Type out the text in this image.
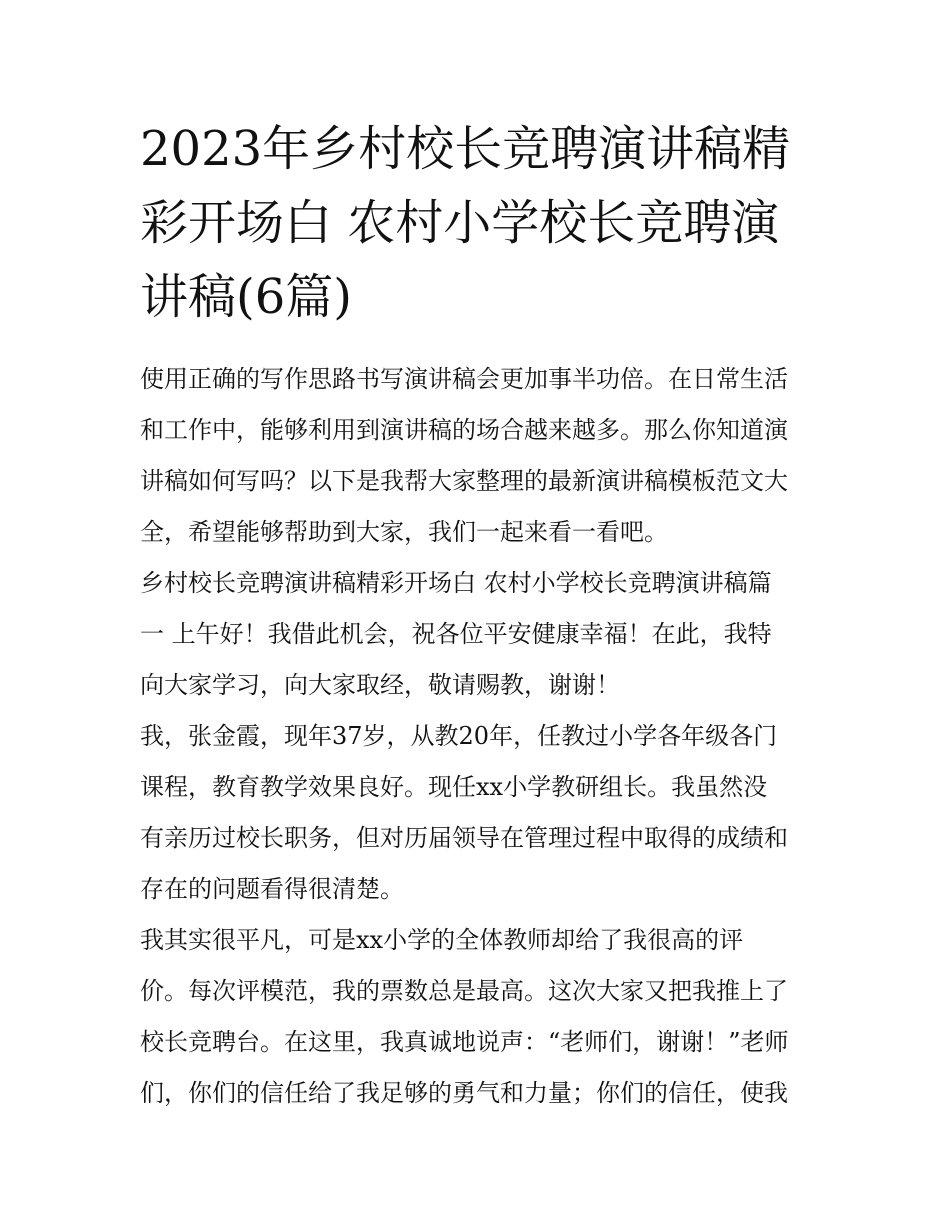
2023年乡村校长竞聘演讲稿精
彩开场白 农村小学校长竞聘演
讲稿(6篇)
使用正确的写作思路书写演讲稿会更加事半功倍。在日常生活
和工作中，能够利用到演讲稿的场合越来越多。那么你知道演
讲稿如何写吗？以下是我帮大家整理的最新演讲稿模板范文大
全，希望能够帮助到大家，我们一起来看一看吧。
乡村校长竞聘演讲稿精彩开场白 农村小学校长竞聘演讲稿篇
一 上午好！我借此机会，祝各位平安健康幸福！在此，我特
向大家学习，向大家取经，敬请赐教，谢谢！
我，张金霞，现年37岁，从教20年，任教过小学各年级各门
课程，教育教学效果良好。现任xx小学教研组长。我虽然没
有亲历过校长职务，但对历届领导在管理过程中取得的成绩和
存在的问题看得很清楚。
我其实很平凡，可是xx小学的全体教师却给了我很高的评
价。每次评模范，我的票数总是最高。这次大家又把我推上了
校长竞聘台。在这里，我真诚地说声：“老师们，谢谢！”老师
们，你们的信任给了我足够的勇气和力量；你们的信任，使我
